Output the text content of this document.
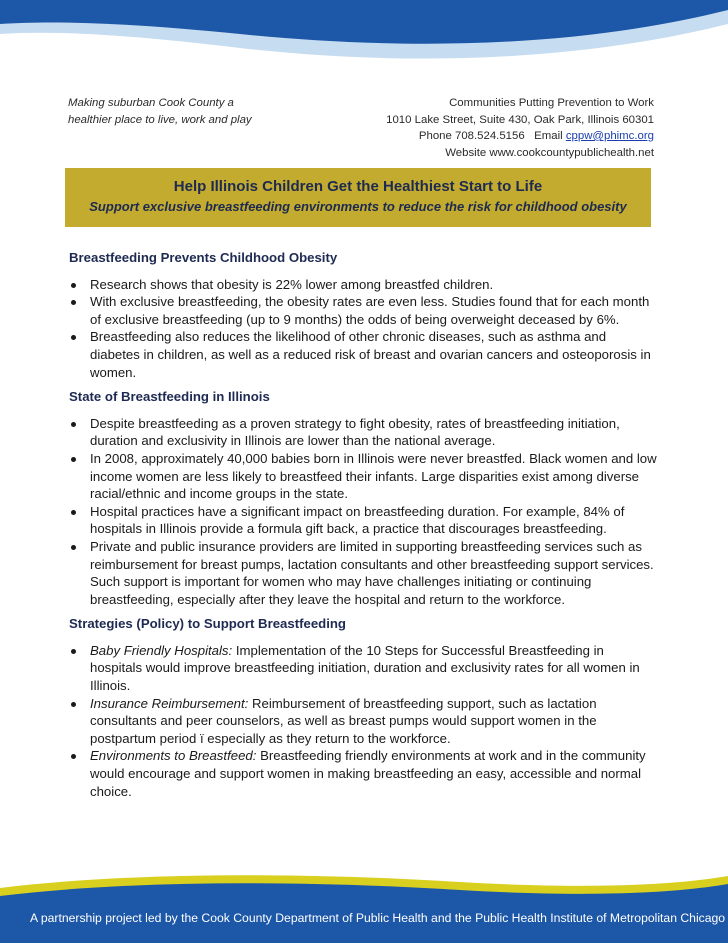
Making suburban Cook County a
healthier place to live, work and play
Communities Putting Prevention to Work
1010 Lake Street, Suite 430, Oak Park, Illinois 60301
Phone 708.524.5156 Email cppw@phimc.org
Website www.cookcountypublichealth.net
Help Illinois Children Get the Healthiest Start to Life
Support exclusive breastfeeding environments to reduce the risk for childhood obesity
Breastfeeding Prevents Childhood Obesity
Research shows that obesity is 22% lower among breastfed children.
With exclusive breastfeeding, the obesity rates are even less. Studies found that for each month of exclusive breastfeeding (up to 9 months) the odds of being overweight deceased by 6%.
Breastfeeding also reduces the likelihood of other chronic diseases, such as asthma and diabetes in children, as well as a reduced risk of breast and ovarian cancers and osteoporosis in women.
State of Breastfeeding in Illinois
Despite breastfeeding as a proven strategy to fight obesity, rates of breastfeeding initiation, duration and exclusivity in Illinois are lower than the national average.
In 2008, approximately 40,000 babies born in Illinois were never breastfed. Black women and low income women are less likely to breastfeed their infants. Large disparities exist among diverse racial/ethnic and income groups in the state.
Hospital practices have a significant impact on breastfeeding duration. For example, 84% of hospitals in Illinois provide a formula gift back, a practice that discourages breastfeeding.
Private and public insurance providers are limited in supporting breastfeeding services such as reimbursement for breast pumps, lactation consultants and other breastfeeding support services. Such support is important for women who may have challenges initiating or continuing breastfeeding, especially after they leave the hospital and return to the workforce.
Strategies (Policy) to Support Breastfeeding
Baby Friendly Hospitals: Implementation of the 10 Steps for Successful Breastfeeding in hospitals would improve breastfeeding initiation, duration and exclusivity rates for all women in Illinois.
Insurance Reimbursement: Reimbursement of breastfeeding support, such as lactation consultants and peer counselors, as well as breast pumps would support women in the postpartum period ï especially as they return to the workforce.
Environments to Breastfeed: Breastfeeding friendly environments at work and in the community would encourage and support women in making breastfeeding an easy, accessible and normal choice.
A partnership project led by the Cook County Department of Public Health and the Public Health Institute of Metropolitan Chicago
